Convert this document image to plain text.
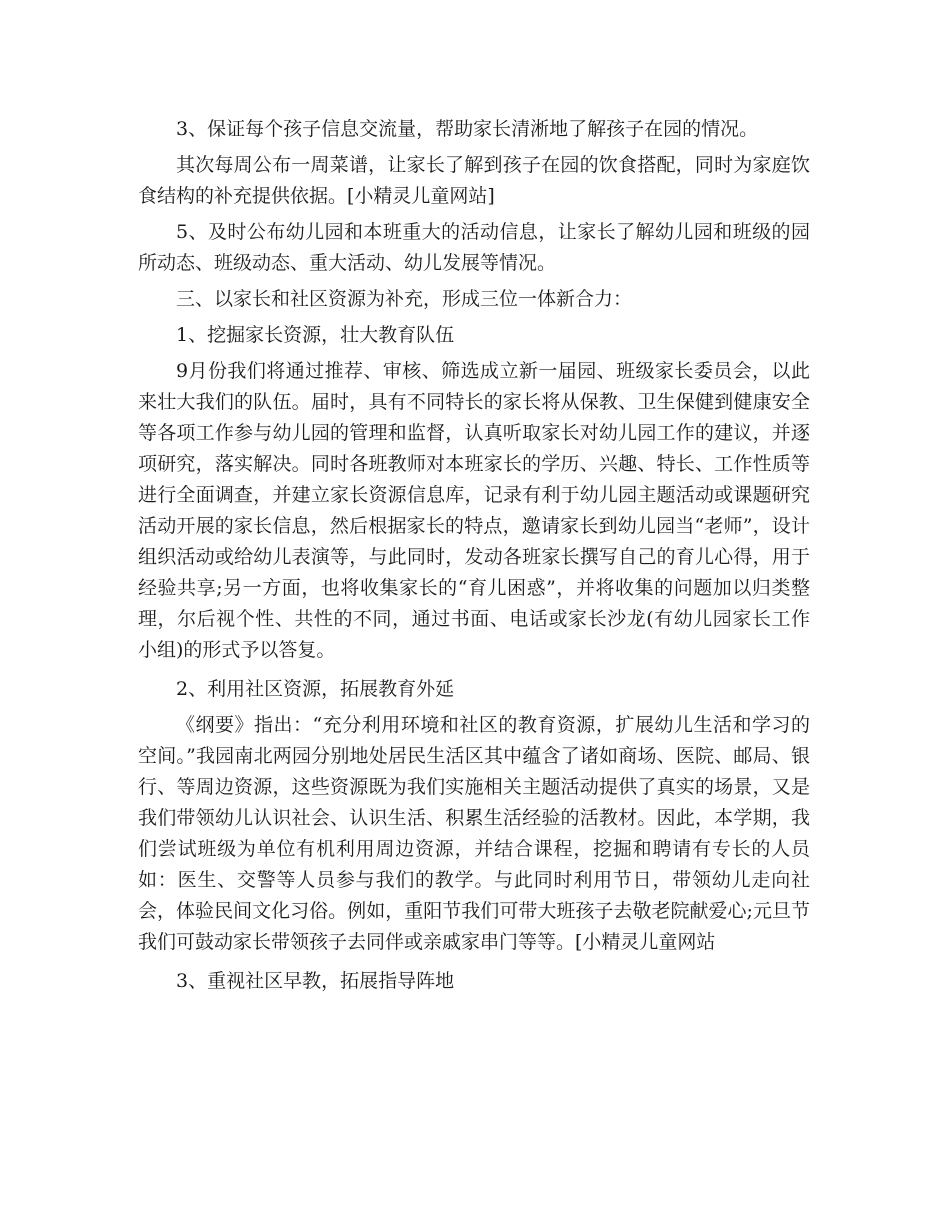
3、保证每个孩子信息交流量，帮助家长清淅地了解孩子在园的情况。

其次每周公布一周菜谱，让家长了解到孩子在园的饮食搭配，同时为家庭饮食结构的补充提供依据。[小精灵儿童网站]

5、及时公布幼儿园和本班重大的活动信息，让家长了解幼儿园和班级的园所动态、班级动态、重大活动、幼儿发展等情况。

三、以家长和社区资源为补充，形成三位一体新合力：

1、挖掘家长资源，壮大教育队伍

9月份我们将通过推荐、审核、筛选成立新一届园、班级家长委员会，以此来壮大我们的队伍。届时，具有不同特长的家长将从保教、卫生保健到健康安全等各项工作参与幼儿园的管理和监督，认真听取家长对幼儿园工作的建议，并逐项研究，落实解决。同时各班教师对本班家长的学历、兴趣、特长、工作性质等进行全面调查，并建立家长资源信息库，记录有利于幼儿园主题活动或课题研究活动开展的家长信息，然后根据家长的特点，邀请家长到幼儿园当“老师”，设计组织活动或给幼儿表演等，与此同时，发动各班家长撰写自己的育儿心得，用于经验共享;另一方面，也将收集家长的“育儿困惑”，并将收集的问题加以归类整理，尔后视个性、共性的不同，通过书面、电话或家长沙龙(有幼儿园家长工作小组)的形式予以答复。

2、利用社区资源，拓展教育外延

《纲要》指出：“充分利用环境和社区的教育资源，扩展幼儿生活和学习的空间。”我园南北两园分别地处居民生活区其中蕴含了诸如商场、医院、邮局、银行、等周边资源，这些资源既为我们实施相关主题活动提供了真实的场景，又是我们带领幼儿认识社会、认识生活、积累生活经验的活教材。因此，本学期，我们尝试班级为单位有机利用周边资源，并结合课程，挖掘和聘请有专长的人员如：医生、交警等人员参与我们的教学。与此同时利用节日，带领幼儿走向社会，体验民间文化习俗。例如，重阳节我们可带大班孩子去敬老院献爱心;元旦节我们可鼓动家长带领孩子去同伴或亲戚家串门等等。[小精灵儿童网站

3、重视社区早教，拓展指导阵地
